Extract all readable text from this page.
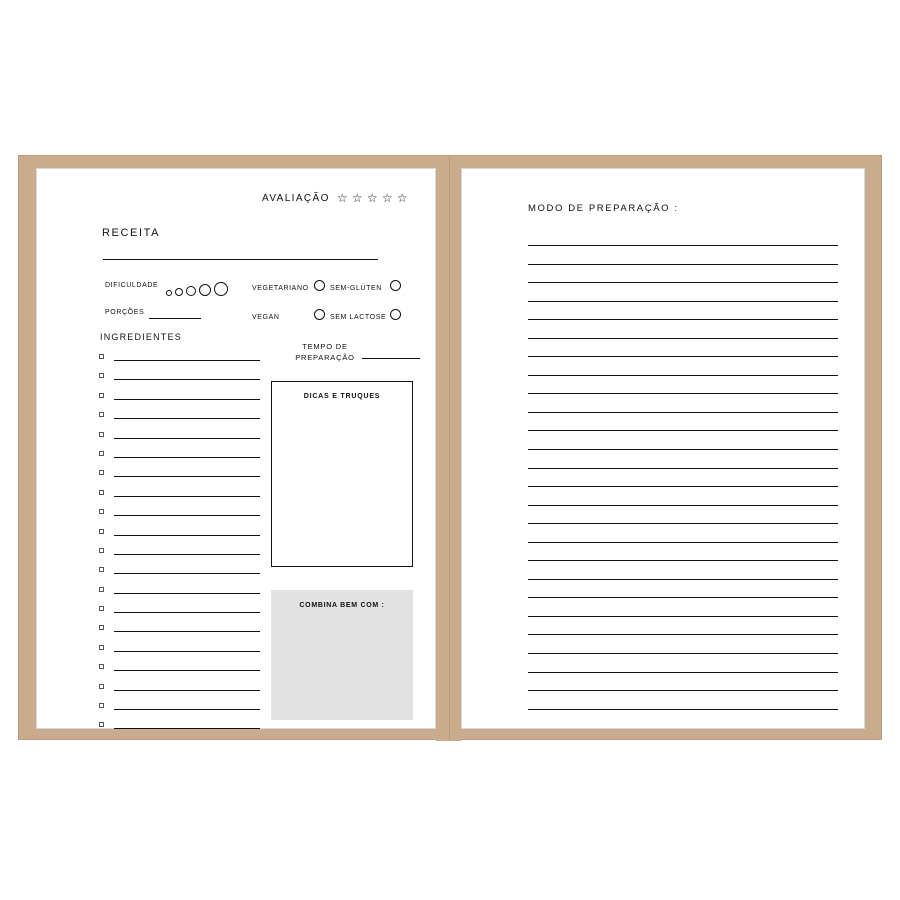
AVALIAÇÃO ☆ ☆ ☆ ☆ ☆
RECEITA
DIFICULDADE
PORÇÕES
VEGETARIANO	SEM-GLÚTEN
VEGAN	SEM LACTOSE
INGREDIENTES
TEMPO DE
PREPARAÇÃO
DICAS E TRUQUES
COMBINA BEM COM :
MODO DE PREPARAÇÃO :
